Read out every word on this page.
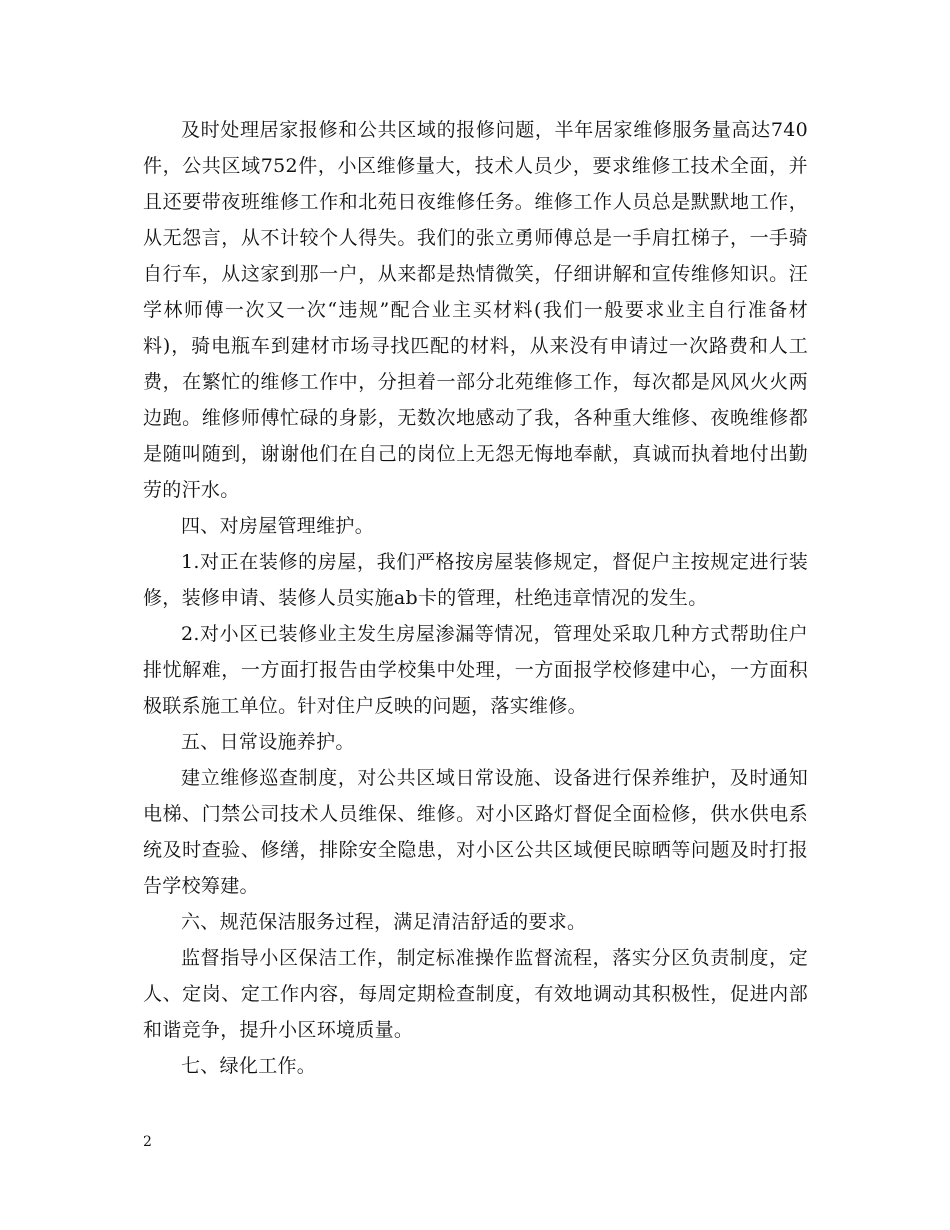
及时处理居家报修和公共区域的报修问题，半年居家维修服务量高达740件，公共区域752件，小区维修量大，技术人员少，要求维修工技术全面，并且还要带夜班维修工作和北苑日夜维修任务。维修工作人员总是默默地工作，从无怨言，从不计较个人得失。我们的张立勇师傅总是一手肩扛梯子，一手骑自行车，从这家到那一户，从来都是热情微笑，仔细讲解和宣传维修知识。汪学林师傅一次又一次“违规”配合业主买材料(我们一般要求业主自行准备材料)，骑电瓶车到建材市场寻找匹配的材料，从来没有申请过一次路费和人工费，在繁忙的维修工作中，分担着一部分北苑维修工作，每次都是风风火火两边跑。维修师傅忙碌的身影，无数次地感动了我，各种重大维修、夜晚维修都是随叫随到，谢谢他们在自己的岗位上无怨无悔地奉献，真诚而执着地付出勤劳的汗水。

四、对房屋管理维护。

1.对正在装修的房屋，我们严格按房屋装修规定，督促户主按规定进行装修，装修申请、装修人员实施ab卡的管理，杜绝违章情况的发生。

2.对小区已装修业主发生房屋渗漏等情况，管理处采取几种方式帮助住户排忧解难，一方面打报告由学校集中处理，一方面报学校修建中心，一方面积极联系施工单位。针对住户反映的问题，落实维修。

五、日常设施养护。

建立维修巡查制度，对公共区域日常设施、设备进行保养维护，及时通知电梯、门禁公司技术人员维保、维修。对小区路灯督促全面检修，供水供电系统及时查验、修缮，排除安全隐患，对小区公共区域便民晾晒等问题及时打报告学校筹建。

六、规范保洁服务过程，满足清洁舒适的要求。

监督指导小区保洁工作，制定标准操作监督流程，落实分区负责制度，定人、定岗、定工作内容，每周定期检查制度，有效地调动其积极性，促进内部和谐竞争，提升小区环境质量。

七、绿化工作。

2
